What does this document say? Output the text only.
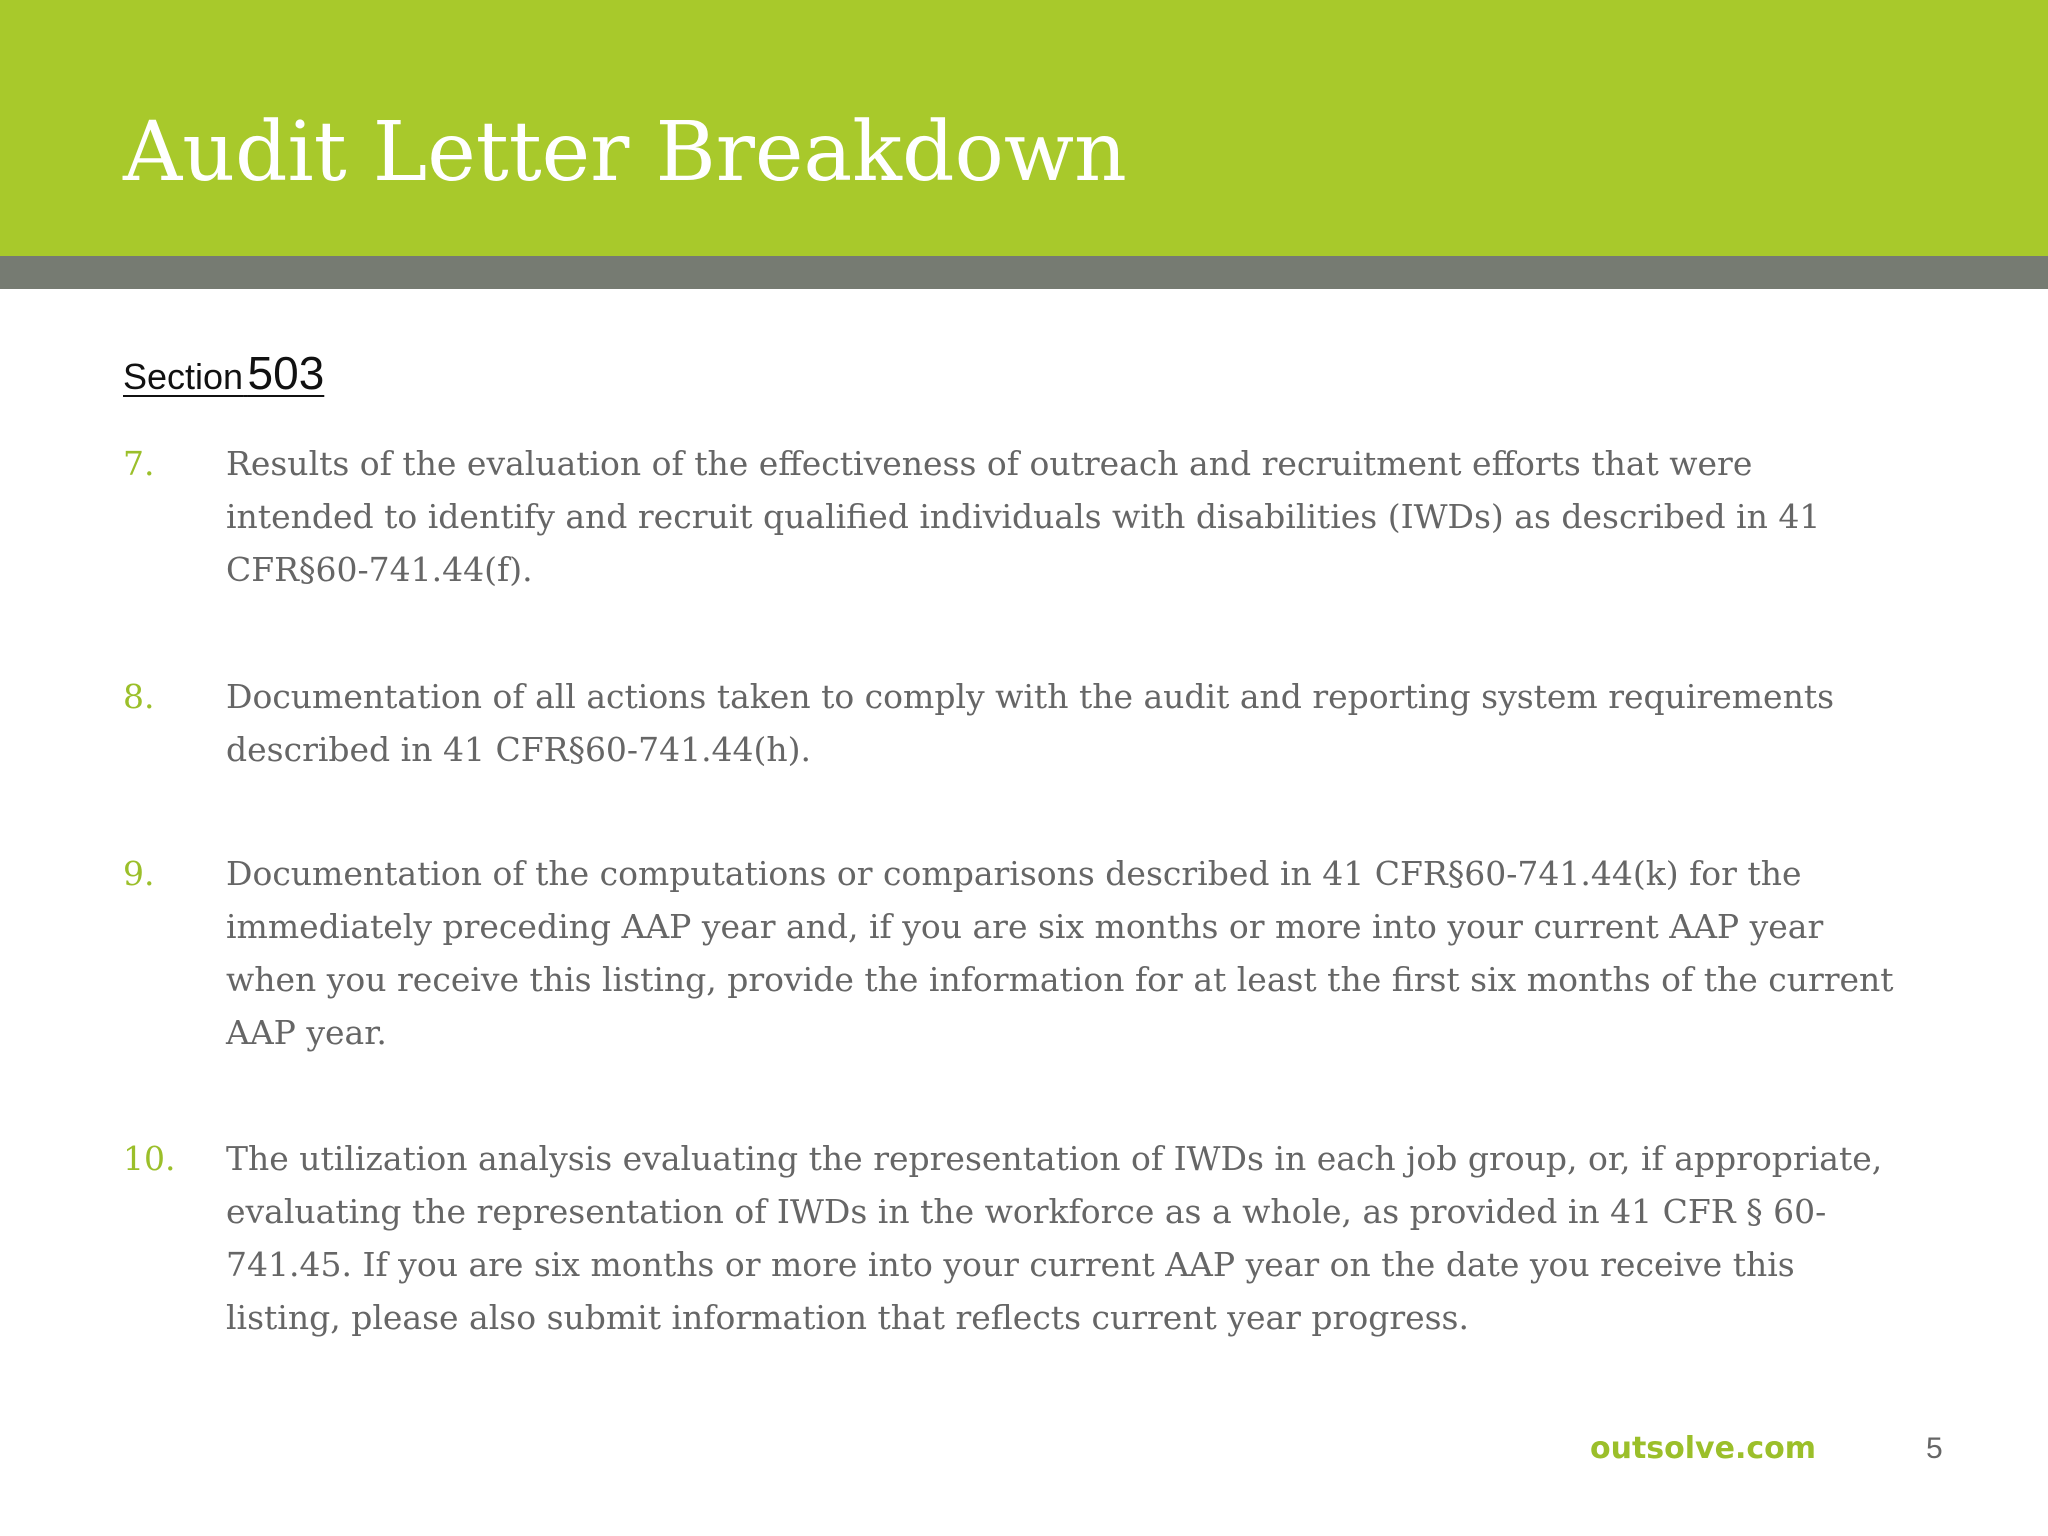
Audit Letter Breakdown
Section 503
7. Results of the evaluation of the effectiveness of outreach and recruitment efforts that were intended to identify and recruit qualified individuals with disabilities (IWDs) as described in 41 CFR§60-741.44(f).
8. Documentation of all actions taken to comply with the audit and reporting system requirements described in 41 CFR§60-741.44(h).
9. Documentation of the computations or comparisons described in 41 CFR§60-741.44(k) for the immediately preceding AAP year and, if you are six months or more into your current AAP year when you receive this listing, provide the information for at least the first six months of the current AAP year.
10. The utilization analysis evaluating the representation of IWDs in each job group, or, if appropriate, evaluating the representation of IWDs in the workforce as a whole, as provided in 41 CFR § 60-741.45. If you are six months or more into your current AAP year on the date you receive this listing, please also submit information that reflects current year progress.
outsolve.com	5
